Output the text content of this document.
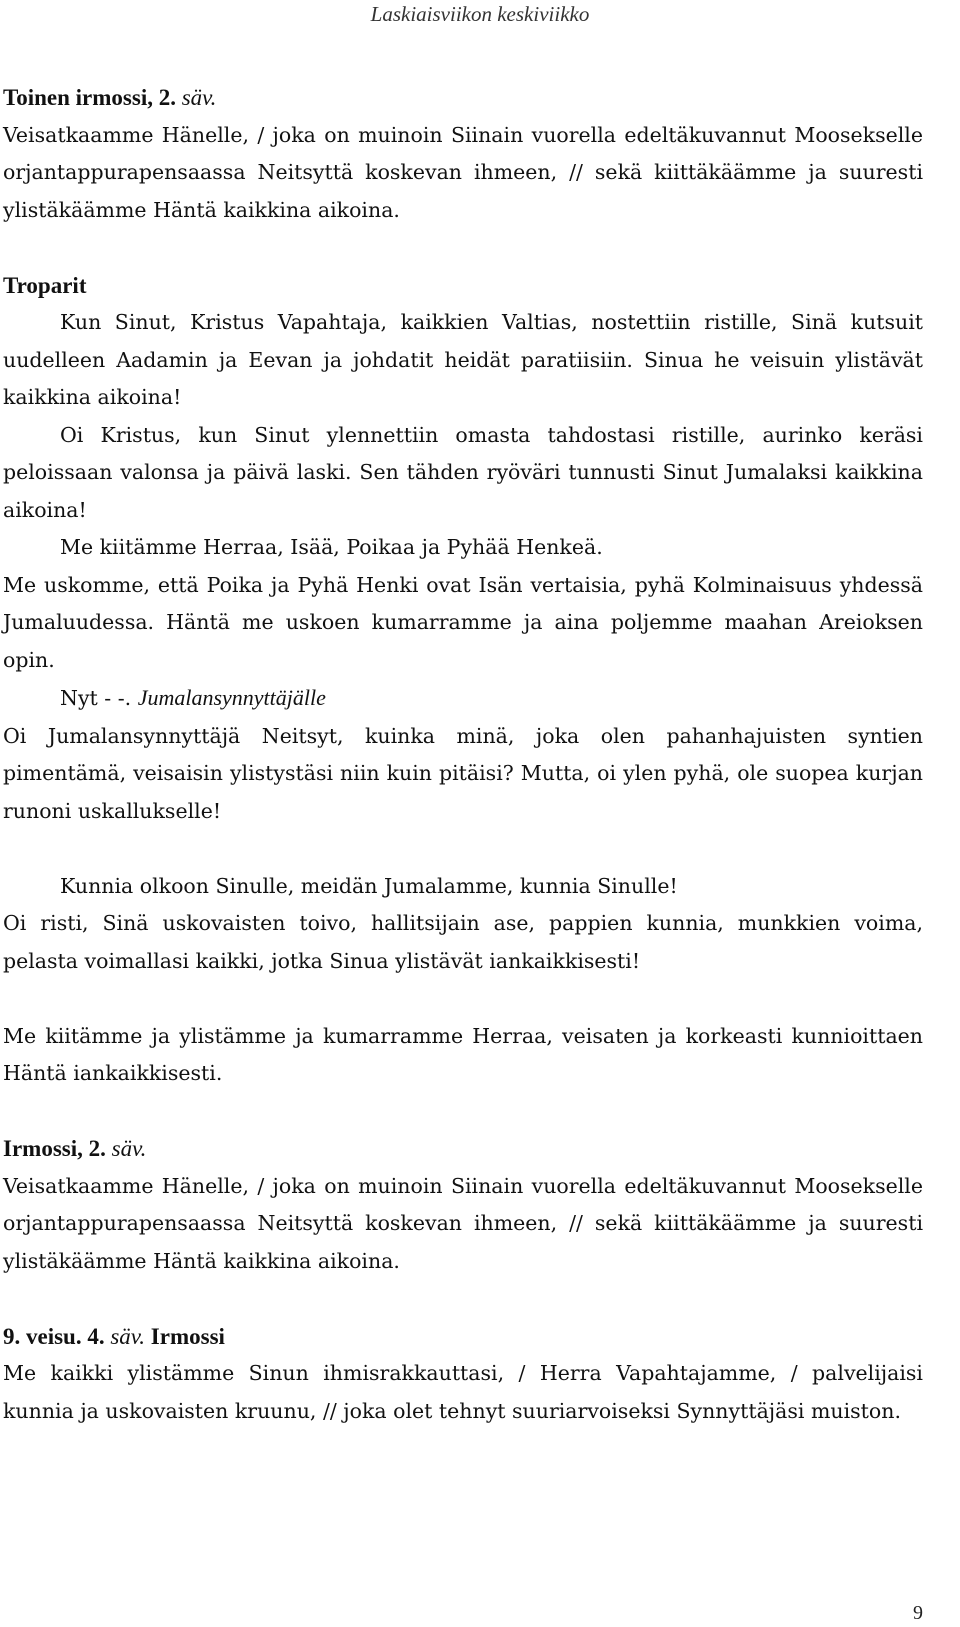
Laskiaisviikon keskiviikko

Toinen irmossi, 2. säv.

Veisatkaamme Hänelle, / joka on muinoin Siinain vuorella edeltäkuvannut Moosekselle orjantappurapensaassa Neitsyttä koskevan ihmeen, // sekä kiittäkäämme ja suuresti ylistäkäämme Häntä kaikkina aikoina.

Troparit

Kun Sinut, Kristus Vapahtaja, kaikkien Valtias, nostettiin ristille, Sinä kutsuit uudelleen Aadamin ja Eevan ja johdatit heidät paratiisiin. Sinua he veisuin ylistävät kaikkina aikoina!

Oi Kristus, kun Sinut ylennettiin omasta tahdostasi ristille, aurinko keräsi peloissaan valonsa ja päivä laski. Sen tähden ryöväri tunnusti Sinut Jumalaksi kaikkina aikoina!

Me kiitämme Herraa, Isää, Poikaa ja Pyhää Henkeä.

Me uskomme, että Poika ja Pyhä Henki ovat Isän vertaisia, pyhä Kolminaisuus yhdessä Jumaluudessa. Häntä me uskoen kumarramme ja aina poljemme maahan Areioksen opin.

Nyt - -. Jumalansynnyttäjälle

Oi Jumalansynnyttäjä Neitsyt, kuinka minä, joka olen pahanhajuisten syntien pimentämä, veisaisin ylistystäsi niin kuin pitäisi? Mutta, oi ylen pyhä, ole suopea kurjan runoni uskallukselle!

Kunnia olkoon Sinulle, meidän Jumalamme, kunnia Sinulle!

Oi risti, Sinä uskovaisten toivo, hallitsijain ase, pappien kunnia, munkkien voima, pelasta voimallasi kaikki, jotka Sinua ylistävät iankaikkisesti!

Me kiitämme ja ylistämme ja kumarramme Herraa, veisaten ja korkeasti kunnioittaen Häntä iankaikkisesti.

Irmossi, 2. säv.

Veisatkaamme Hänelle, / joka on muinoin Siinain vuorella edeltäkuvannut Moosekselle orjantappurapensaassa Neitsyttä koskevan ihmeen, // sekä kiittäkäämme ja suuresti ylistäkäämme Häntä kaikkina aikoina.

9. veisu. 4. säv. Irmossi

Me kaikki ylistämme Sinun ihmisrakkauttasi, / Herra Vapahtajamme, / palvelijaisi kunnia ja uskovaisten kruunu, // joka olet tehnyt suuriarvoiseksi Synnyttäjäsi muiston.

9
